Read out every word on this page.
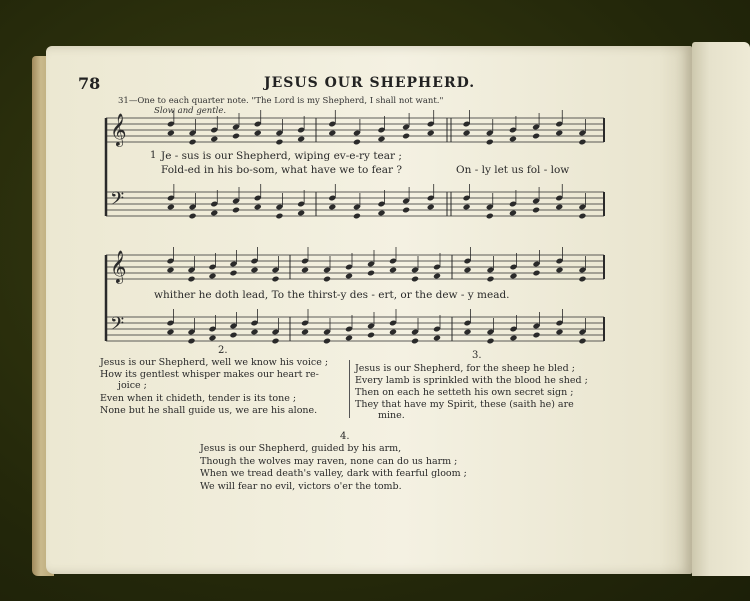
78	JESUS OUR SHEPHERD.
31—One to each quarter note. "The Lord is my Shepherd, I shall not want."
Slow and gentle.
𝄞
𝄢
𝄞
𝄢
1 Je - sus is our Shepherd, wiping ev-e-ry tear ;
Fold-ed in his bo-som, what have we to fear ?	On - ly let us fol - low
whither he doth lead, To the thirst-y des - ert, or the dew - y mead.
2.
Jesus is our Shepherd, well we know his voice ;
How its gentlest whisper makes our heart re-
joice ;
Even when it chideth, tender is its tone ;
None but he shall guide us, we are his alone.
3.
Jesus is our Shepherd, for the sheep he bled ;
Every lamb is sprinkled with the blood he shed ;
Then on each he setteth his own secret sign ;
They that have my Spirit, these (saith he) are
mine.
4.
Jesus is our Shepherd, guided by his arm,
Though the wolves may raven, none can do us harm ;
When we tread death's valley, dark with fearful gloom ;
We will fear no evil, victors o'er the tomb.
